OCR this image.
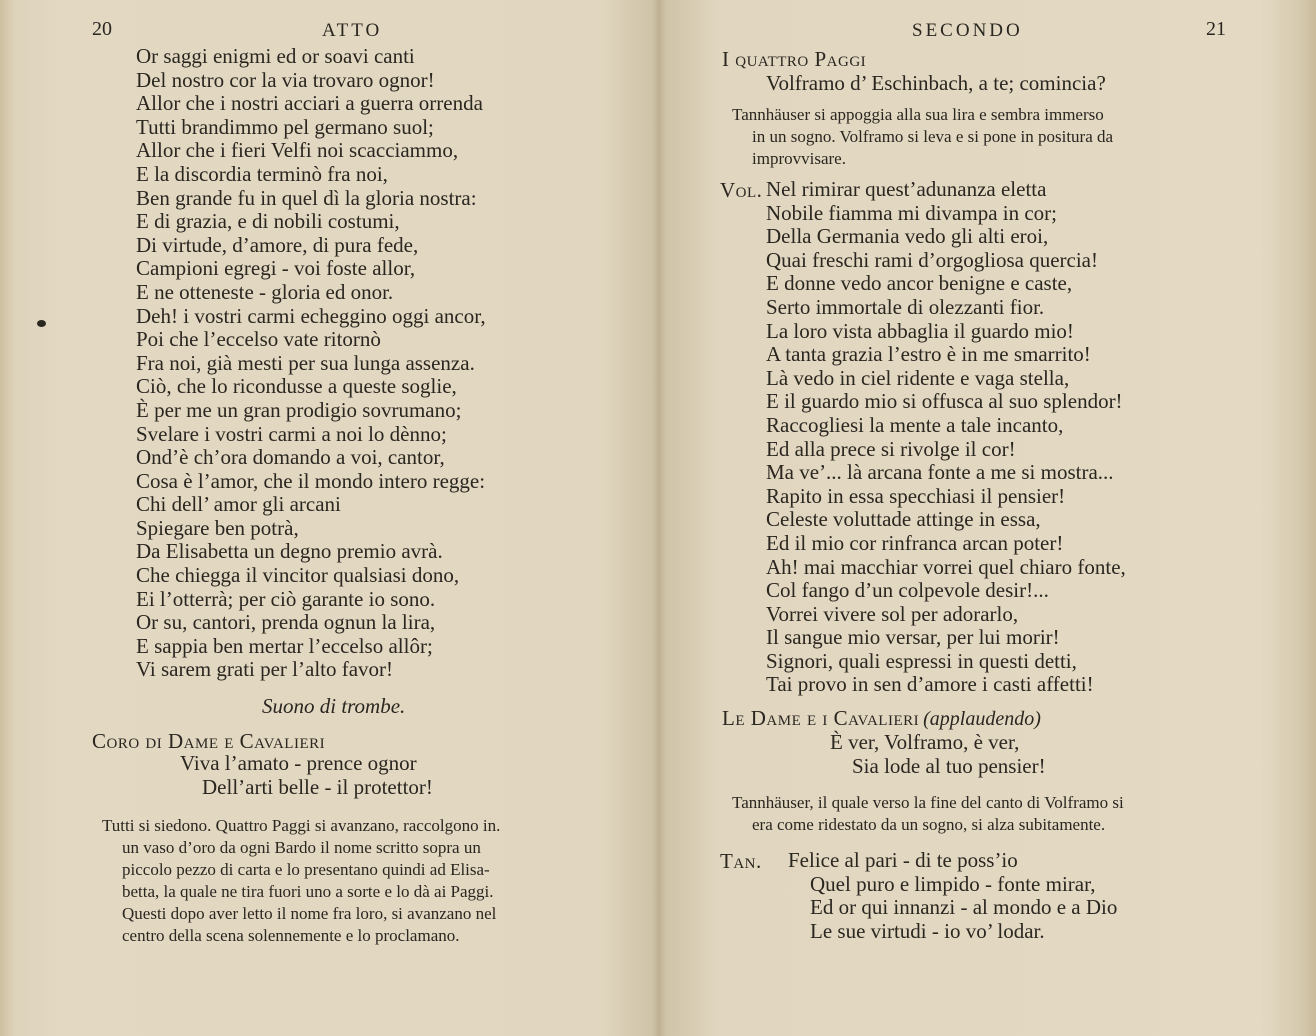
20	ATTO
Or saggi enigmi ed or soavi canti
Del nostro cor la via trovaro ognor!
Allor che i nostri acciari a guerra orrenda
Tutti brandimmo pel germano suol;
Allor che i fieri Velfi noi scacciammo,
E la discordia terminò fra noi,
Ben grande fu in quel dì la gloria nostra:
E di grazia, e di nobili costumi,
Di virtude, d’amore, di pura fede,
Campioni egregi - voi foste allor,
E ne otteneste - gloria ed onor.
Deh! i vostri carmi echeggino oggi ancor,
Poi che l’eccelso vate ritornò
Fra noi, già mesti per sua lunga assenza.
Ciò, che lo ricondusse a queste soglie,
È per me un gran prodigio sovrumano;
Svelare i vostri carmi a noi lo dènno;
Ond’è ch’ora domando a voi, cantor,
Cosa è l’amor, che il mondo intero regge:
Chi dell’ amor gli arcani
Spiegare ben potrà,
Da Elisabetta un degno premio avrà.
Che chiegga il vincitor qualsiasi dono,
Ei l’otterrà; per ciò garante io sono.
Or su, cantori, prenda ognun la lira,
E sappia ben mertar l’eccelso allôr;
Vi sarem grati per l’alto favor!
Suono di trombe.
Coro di Dame e Cavalieri
Viva l’amato - prence ognor
Dell’arti belle - il protettor!
Tutti si siedono. Quattro Paggi si avanzano, raccolgono in.
un vaso d’oro da ogni Bardo il nome scritto sopra un
piccolo pezzo di carta e lo presentano quindi ad Elisa-
betta, la quale ne tira fuori uno a sorte e lo dà ai Paggi.
Questi dopo aver letto il nome fra loro, si avanzano nel
centro della scena solennemente e lo proclamano.
SECONDO	21
I quattro Paggi
Volframo d’ Eschinbach, a te; comincia?
Tannhäuser si appoggia alla sua lira e sembra immerso
in un sogno. Volframo si leva e si pone in positura da
improvvisare.
Vol. Nel rimirar quest’adunanza eletta
Nobile fiamma mi divampa in cor;
Della Germania vedo gli alti eroi,
Quai freschi rami d’orgogliosa quercia!
E donne vedo ancor benigne e caste,
Serto immortale di olezzanti fior.
La loro vista abbaglia il guardo mio!
A tanta grazia l’estro è in me smarrito!
Là vedo in ciel ridente e vaga stella,
E il guardo mio si offusca al suo splendor!
Raccogliesi la mente a tale incanto,
Ed alla prece si rivolge il cor!
Ma ve’... là arcana fonte a me si mostra...
Rapito in essa specchiasi il pensier!
Celeste voluttade attinge in essa,
Ed il mio cor rinfranca arcan poter!
Ah! mai macchiar vorrei quel chiaro fonte,
Col fango d’un colpevole desir!...
Vorrei vivere sol per adorarlo,
Il sangue mio versar, per lui morir!
Signori, quali espressi in questi detti,
Tai provo in sen d’amore i casti affetti!
Le Dame e i Cavalieri (applaudendo)
È ver, Volframo, è ver,
Sia lode al tuo pensier!
Tannhäuser, il quale verso la fine del canto di Volframo si
era come ridestato da un sogno, si alza subitamente.
Tan. Felice al pari - di te poss’io
Quel puro e limpido - fonte mirar,
Ed or qui innanzi - al mondo e a Dio
Le sue virtudi - io vo’ lodar.
